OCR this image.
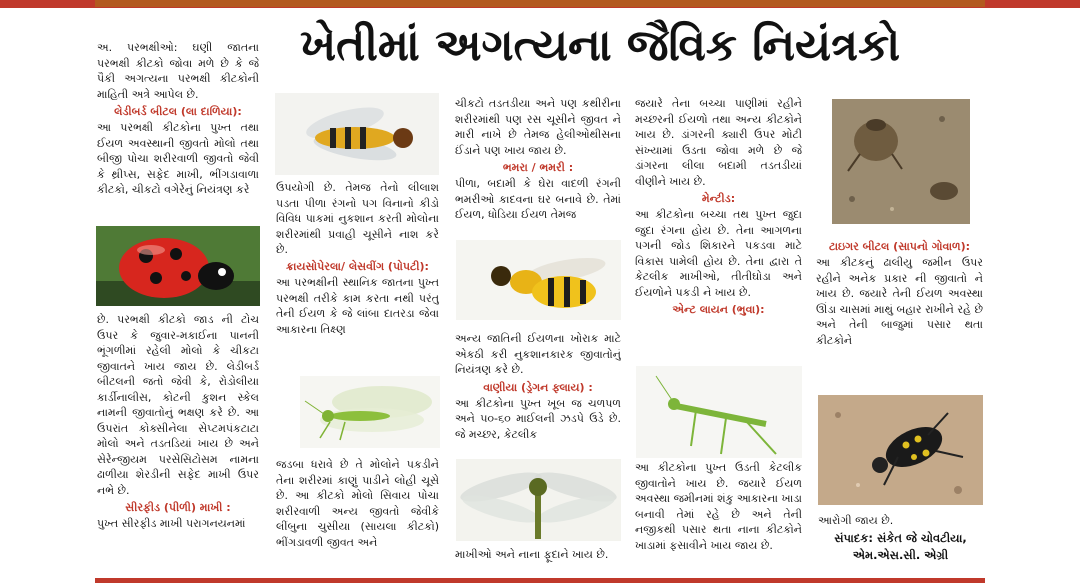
ખેતીમાં અગત્યના જૈવિક નિયંત્રકો

અ. પરભક્ષીઓ: ઘણી જાતના પરભક્ષી કીટકો જોવા મળે છે કે જે પૈકી અગત્યના પરભક્ષી કીટકોની માહિતી અત્રે આપેલ છે.

લેડીબર્ડ બીટલ (લા દાળિયા):

આ પરભક્ષી કીટકોના પુખ્ત તથા ઈયળ અવસ્થાની જીવતો મોલો તથા બીજી પોચા શરીરવાળી જીવતો જેવી કે થ્રીપ્સ, સફેદ માખી, ભીંગડાવાળા કીટકો, ચીકટો વગેરેનું નિયંત્રણ કરે

છે. પરભક્ષી કીટકો જાડ ની ટોચ ઉપર કે જુવાર-મકાઈના પાનની ભૂંગળીમાં રહેલી મોલો કે ચીકટા જીવાતને ખાય જાય છે. લેડીબર્ડ બીટલની જતો જેવી કે, રોડોલીયા કાર્ડીનાલીસ, કોટની કુશન સ્કેલ નામની જીવાતોનું ભક્ષણ કરે છે. આ ઉપરાંત કોક્સીનેલા સેપ્ટમપંકટાટા મોલો અને તડતડિયાં ખાય છે અને સેરેન્જીયમ પરસેસિટોસમ નામના ઢાળીયા શેરડીની સફેદ માખી ઉપર નભે છે.

સીરફીડ (પીળી) માખી :

પુખ્ત સીરફીડ માખી પરાગનયનમાં

ઉપયોગી છે. તેમજ તેનો લીલાશ પડતા પીળા રંગનો પગ વિનાનો કીડો વિવિધ પાકમાં નુકશાન કરતી મોલોના શરીરમાંથી પ્રવાહી ચૂસીને નાશ કરે છે.

ક્રાયસોપેરલા/ લેસવીંગ (પોપટી):

આ પરભક્ષીની સ્થાનિક જાતના પુખ્ત પરભક્ષી તરીકે કામ કરતા નથી પરંતુ તેની ઈયળ કે જે લાંબા દાતરડા જેવા આકારના તિક્ષ્ણ

જડબા ધરાવે છે તે મોલોને પકડીને તેના શરીરમાં કાણું પાડીને લોહી ચૂસે છે. આ કીટકો મોલો સિવાય પોચા શરીરવાળી અન્ય જીવતો જેવીકે લીંબુના ચુસીયા (સાયલા કીટકો) ભીંગડાવળી જીવત અને

ચીકટો તડતડીયા અને પણ કથીરીના શરીરમાંથી પણ રસ ચૂસીને જીવત ને મારી નાખે છે તેમજ હેલીઓથીસના ઈંડાને પણ ખાય જાય છે.

ભમરા / ભમરી :

પીળા, બદામી કે ઘેરા વાદળી રંગની ભમરીઓ કાદવના ઘર બનાવે છે. તેમાં ઈયળ, ધોડિયા ઈયળ તેમજ

અન્ય જાતિની ઈયળના ખોરાક માટે એકઠી કરી નુકશાનકારક જીવાતોનું નિયંત્રણ કરે છે.

વાણીયા (ડ્રેગન ફ્લાય) :

આ કીટકોના પુખ્ત ખૂબ જ ચળપળ અને ૫૦-૬૦ માઈલની ઝડપે ઉડે છે. જે મચ્છર, કેટલીક

માખીઓ અને નાના ફૂદાને ખાય છે.

જયારે તેના બચ્ચા પાણીમાં રહીને મચ્છરની ઈયળો તથા અન્ય કીટકોને ખાય છે. ડાંગરની ક્યારી ઉપર મોટી સંખ્યામાં ઉડતા જોવા મળે છે જે ડાંગરના લીલા બદામી તડતડીયાં વીણીને ખાય છે.

મેન્ટીડ:

આ કીટકોના બચ્ચા તથ પુખ્ત જુદા જુદા રંગના હોય છે. તેના આગળના પગની જોડ શિકારને પકડવા માટે વિકાસ પામેલી હોય છે. તેના દ્વારા તે કેટલીક માખીઓ, તીતીઘોડા અને ઈયળોને પકડી ને ખાય છે.

એન્ટ લાયન (ભુવા):

આ કીટકોના પુખ્ત ઉડતી કેટલીક જીવાતોને ખાય છે. જયારે ઈયળ અવસ્થા જમીનમાં શંકુ આકારના ખાડા બનાવી તેમાં રહે છે અને તેની નજીકથી પસાર થતા નાના કીટકોને ખાડામાં ફસાવીને ખાય જાય છે.

ટાઇગર બીટલ (સાપનો ગોવાળ):

આ કીટકનું ઢાલીયુ જમીન ઉપર રહીને અનેક પ્રકાર ની જીવાતો ને ખાય છે. જયારે તેની ઈયળ અવસ્થા ઊંડા ચાસમાં માથું બહાર રાખીને રહે છે અને તેની બાજુમાં પસાર થતા કીટકોને

આરોગી જાય છે.

સંપાદક: સંકેત જે ચોવટીયા,
એમ.એસ.સી. એગ્રી
